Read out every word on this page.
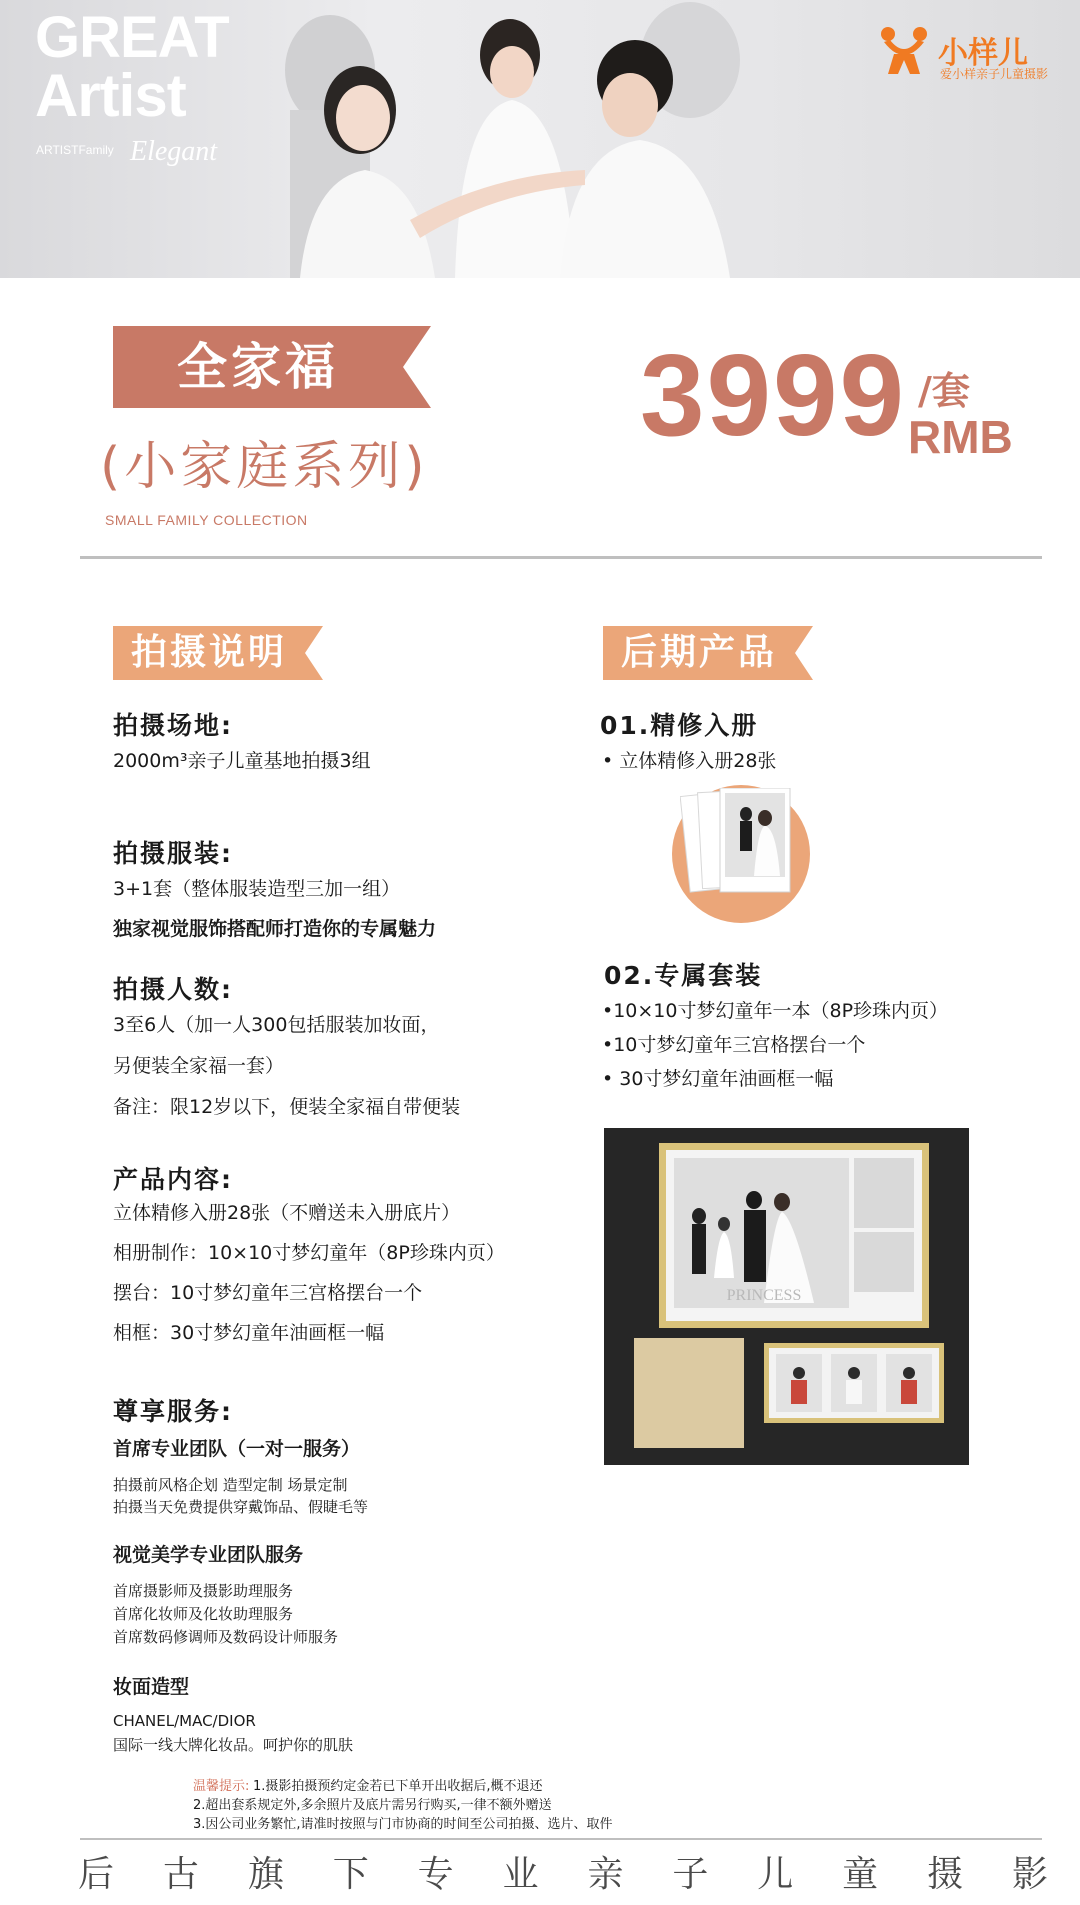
GREAT
Artist
ARTISTFamily Elegant
小样儿
爱小样亲子儿童摄影
全家福
(小家庭系列)
SMALL FAMILY COLLECTION
3999 /套
RMB
拍摄说明	后期产品
拍摄场地:
2000m³亲子儿童基地拍摄3组
拍摄服装:
3+1套（整体服装造型三加一组）
独家视觉服饰搭配师打造你的专属魅力
拍摄人数:
3至6人（加一人300包括服装加妆面，
另便装全家福一套）
备注：限12岁以下，便装全家福自带便装
产品内容:
立体精修入册28张（不赠送未入册底片）
相册制作：10×10寸梦幻童年（8P珍珠内页）
摆台：10寸梦幻童年三宫格摆台一个
相框：30寸梦幻童年油画框一幅
尊享服务:
首席专业团队（一对一服务）
拍摄前风格企划 造型定制 场景定制
拍摄当天免费提供穿戴饰品、假睫毛等
视觉美学专业团队服务
首席摄影师及摄影助理服务
首席化妆师及化妆助理服务
首席数码修调师及数码设计师服务
妆面造型
CHANEL/MAC/DIOR
国际一线大牌化妆品。呵护你的肌肤
01.精修入册
• 立体精修入册28张
02.专属套装
•10×10寸梦幻童年一本（8P珍珠内页）
•10寸梦幻童年三宫格摆台一个
• 30寸梦幻童年油画框一幅
PRINCESS
温馨提示: 1.摄影拍摄预约定金若已下单开出收据后,概不退还
2.超出套系规定外,多余照片及底片需另行购买,一律不额外赠送
3.因公司业务繁忙,请准时按照与门市协商的时间至公司拍摄、选片、取件
后 古 旗 下 专 业 亲 子 儿 童 摄 影
